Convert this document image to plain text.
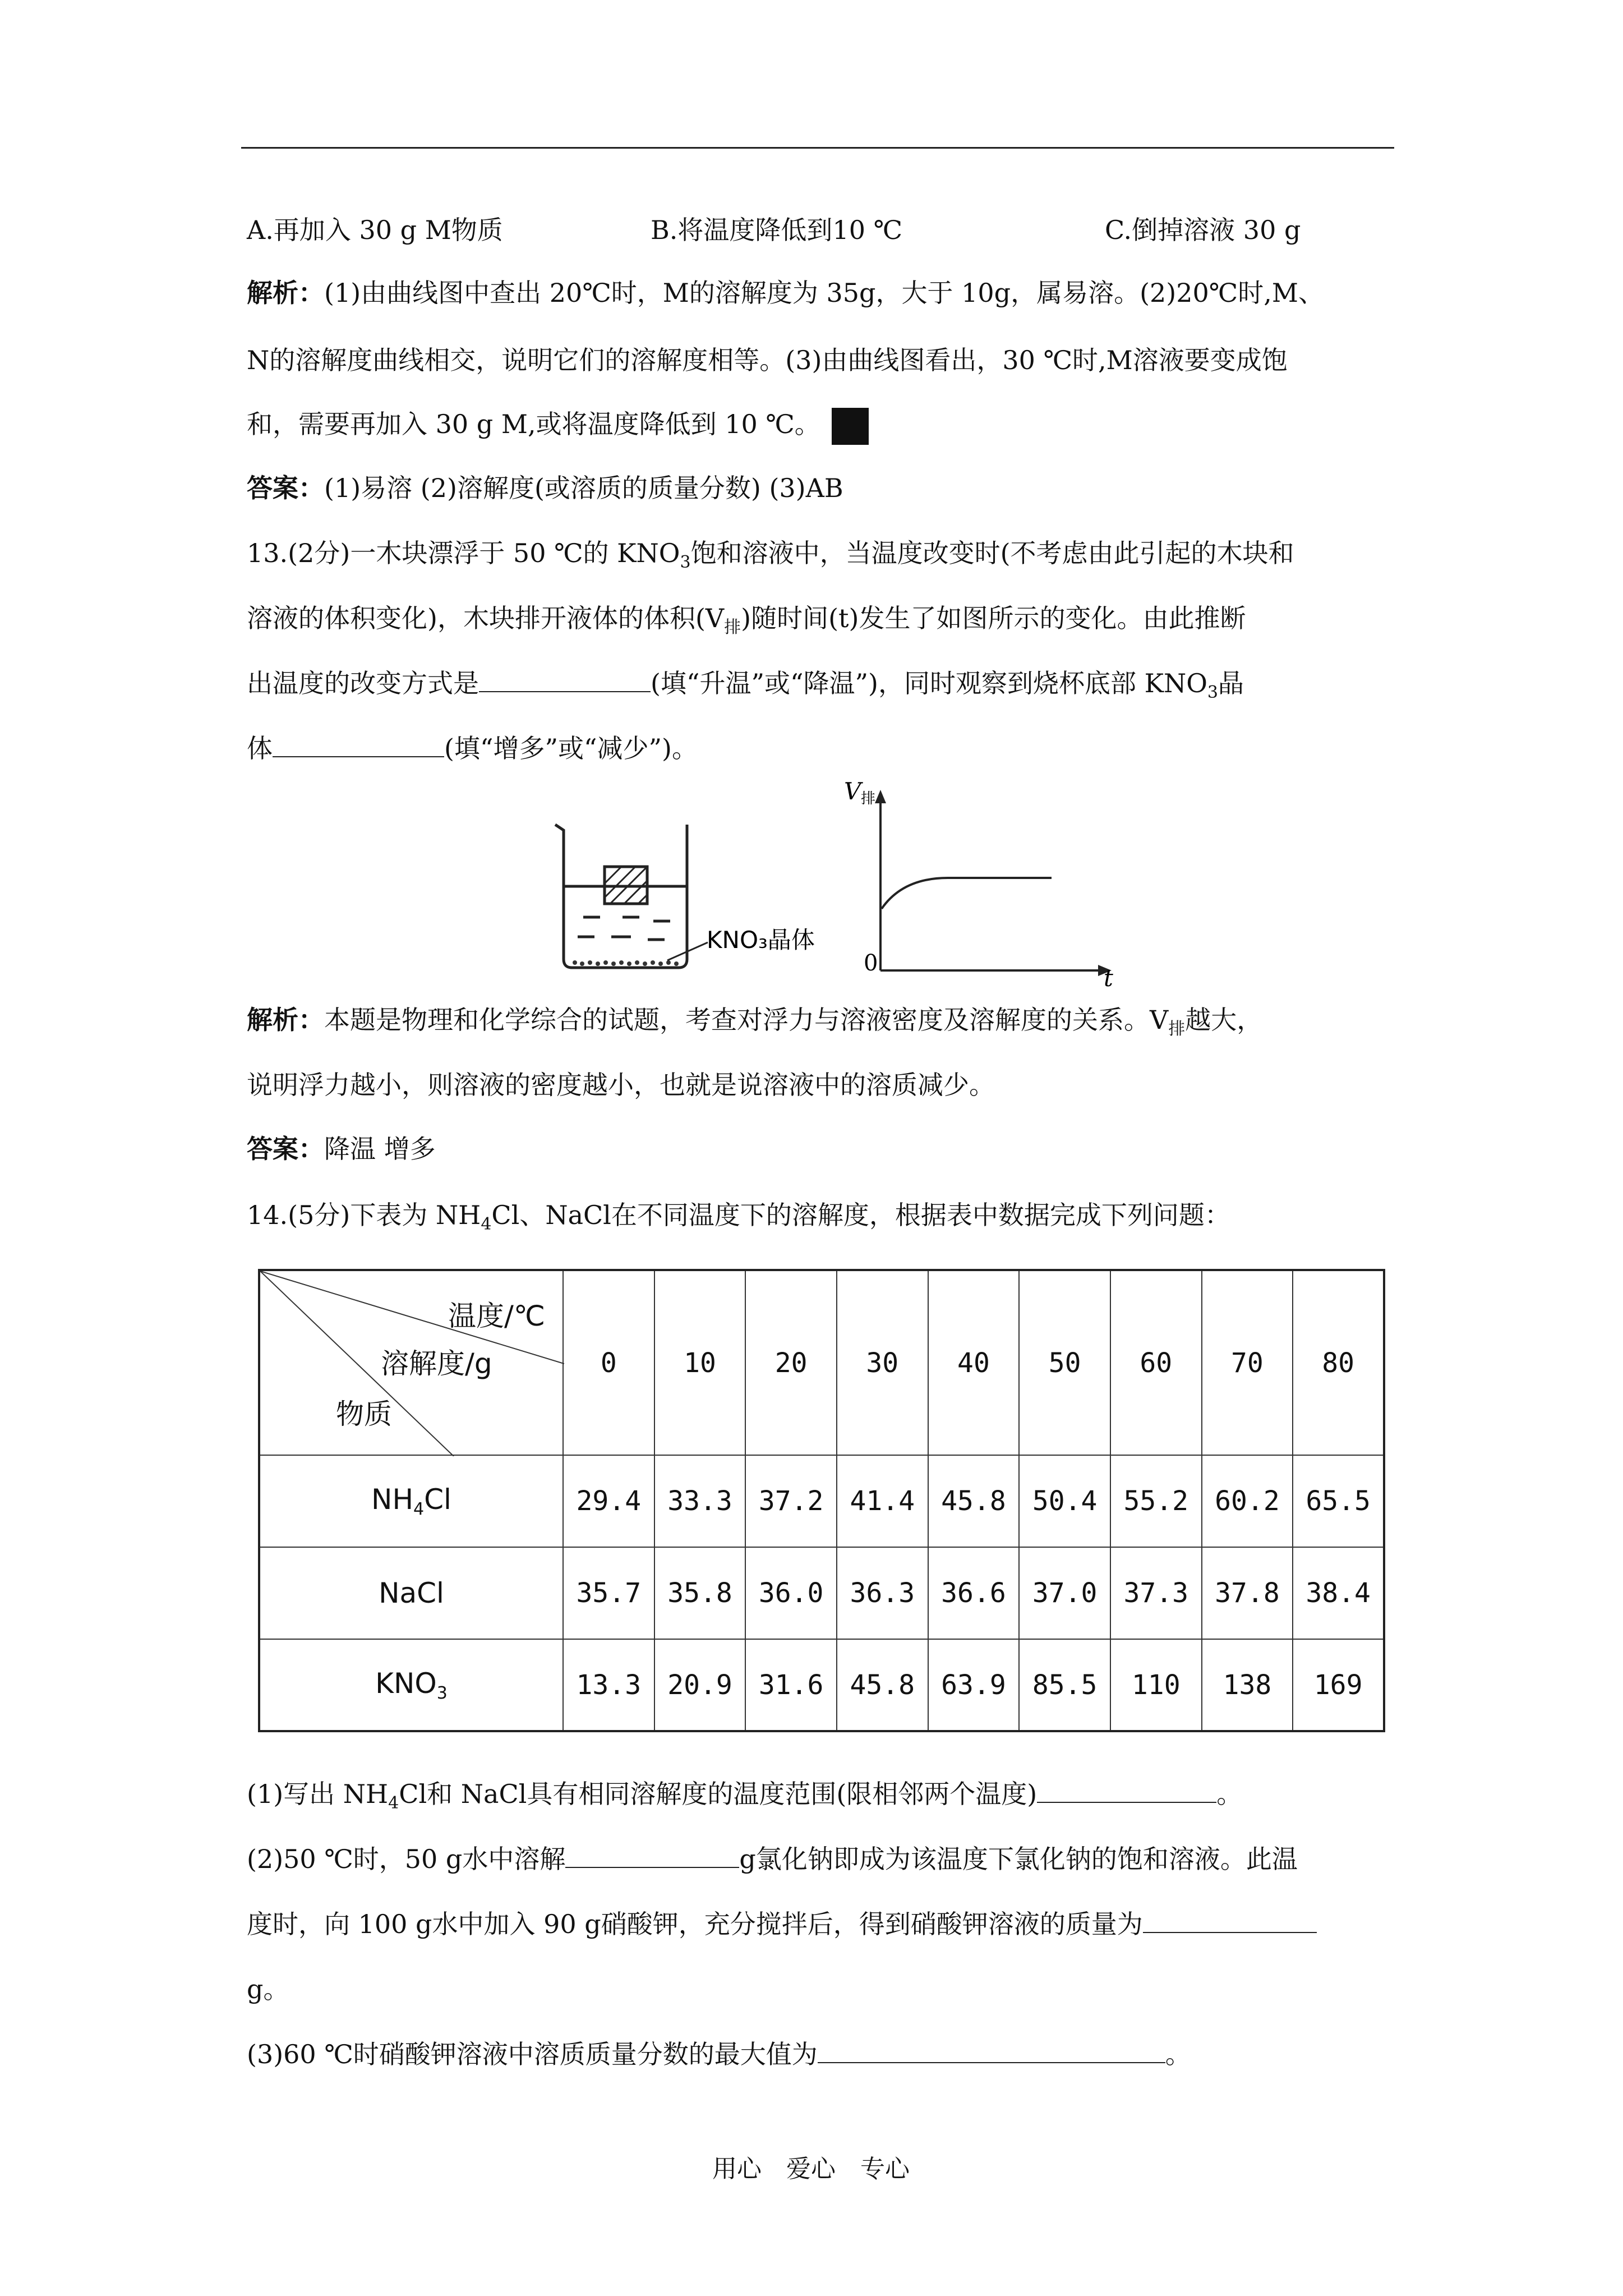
A.再加入 30 g M物质	B.将温度降低到10 ℃	C.倒掉溶液 30 g
解析：(1)由曲线图中查出 20℃时，M的溶解度为 35g，大于 10g，属易溶。(2)20℃时,M、
N的溶解度曲线相交，说明它们的溶解度相等。(3)由曲线图看出，30 ℃时,M溶液要变成饱
和，需要再加入 30 g M,或将温度降低到 10 ℃。
答案：(1)易溶 (2)溶解度(或溶质的质量分数) (3)AB
13.(2分)一木块漂浮于 50 ℃的 $KNO_3$饱和溶液中，当温度改变时(不考虑由此引起的木块和
溶液的体积变化)，木块排开液体的体积$(V_排)$随时间(t)发生了如图所示的变化。由此推断
出温度的改变方式是	(填“升温”或“降温”)，同时观察到烧杯底部 $KNO_3$晶
体	(填“增多”或“减少”)。
KNO₃晶体
V 排
t
0
解析：本题是物理和化学综合的试题，考查对浮力与溶液密度及溶解度的关系。$V_排$越大，
说明浮力越小，则溶液的密度越小，也就是说溶液中的溶质减少。
答案：降温 增多
14.(5分)下表为 $NH_4Cl$、NaCl在不同温度下的溶解度，根据表中数据完成下列问题：
温度/℃
溶解度/g
物质	0	10	20	30	40	50	60	70	80
$NH_4Cl$	29.4	33.3	37.2	41.4	45.8	50.4	55.2	60.2	65.5
NaCl	35.7	35.8	36.0	36.3	36.6	37.0	37.3	37.8	38.4
$KNO_3$	13.3	20.9	31.6	45.8	63.9	85.5	110	138	169
(1)写出 $NH_4Cl$和 NaCl具有相同溶解度的温度范围(限相邻两个温度)	。
(2)50 ℃时，50 g水中溶解	g氯化钠即成为该温度下氯化钠的饱和溶液。此温
度时，向 100 g水中加入 90 g硝酸钾，充分搅拌后，得到硝酸钾溶液的质量为
g。
(3)60 ℃时硝酸钾溶液中溶质质量分数的最大值为	。
用心 爱心 专心
